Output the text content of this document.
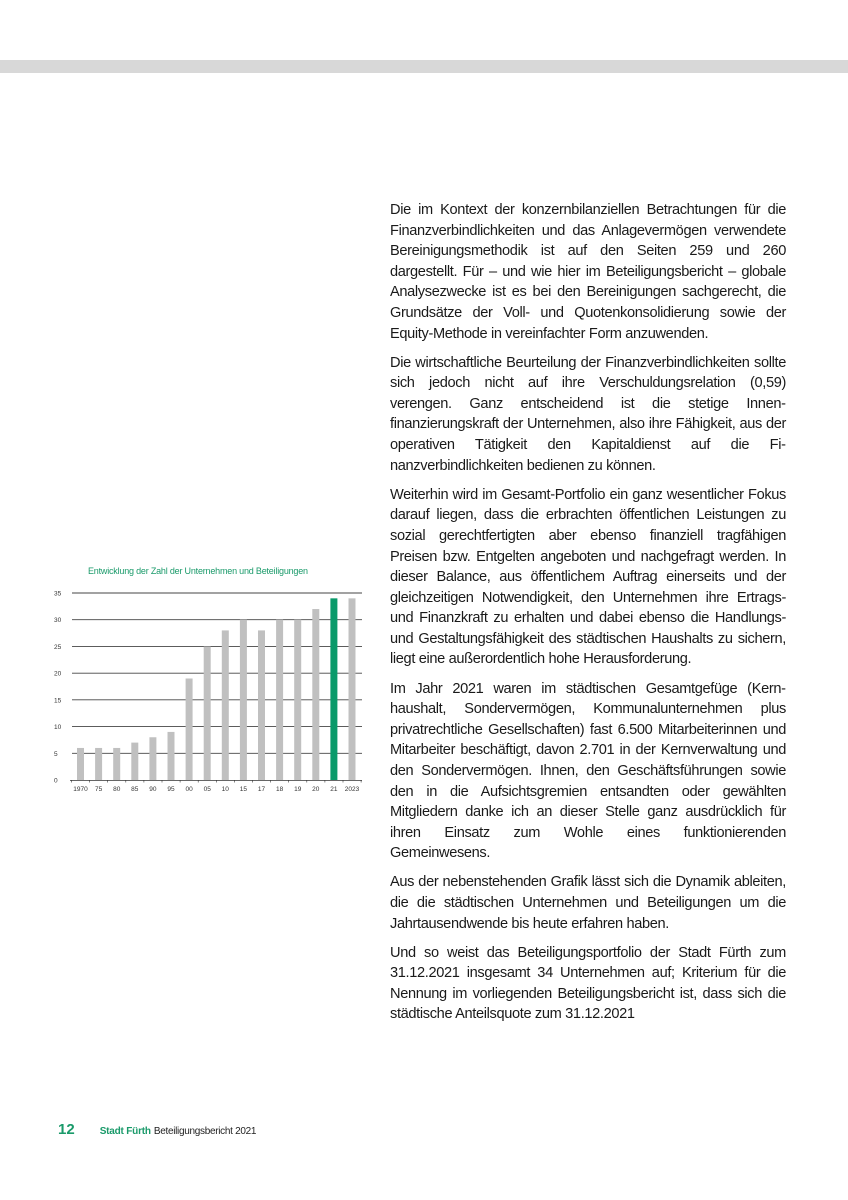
Die im Kontext der konzernbilanziellen Betrachtungen für die Finanzverbindlichkeiten und das Anlagevermögen verwendete Bereinigungsmethodik ist auf den Seiten 259 und 260 dargestellt. Für – und wie hier im Beteiligungsbericht – globale Analysezwecke ist es bei den Bereinigungen sachgerecht, die Grundsätze der Voll- und Quotenkonsolidierung sowie der Equity-Methode in vereinfachter Form anzuwenden.

Die wirtschaftliche Beurteilung der Finanzverbindlichkeiten sollte sich jedoch nicht auf ihre Verschuldungsrelation (0,59) verengen. Ganz entscheidend ist die stetige Innenfinanzierungskraft der Unternehmen, also ihre Fähigkeit, aus der operativen Tätigkeit den Kapitaldienst auf die Finanzverbindlichkeiten bedienen zu können.

Weiterhin wird im Gesamt-Portfolio ein ganz wesentlicher Fokus darauf liegen, dass die erbrachten öffentlichen Leistungen zu sozial gerechtfertigten aber ebenso finanziell tragfähigen Preisen bzw. Entgelten angeboten und nachgefragt werden. In dieser Balance, aus öffentlichem Auftrag einerseits und der gleichzeitigen Notwendigkeit, den Unternehmen ihre Ertrags- und Finanzkraft zu erhalten und dabei ebenso die Handlungs- und Gestaltungsfähigkeit des städtischen Haushalts zu sichern, liegt eine außerordentlich hohe Herausforderung.

Im Jahr 2021 waren im städtischen Gesamtgefüge (Kernhaushalt, Sondervermögen, Kommunalunternehmen plus privatrechtliche Gesellschaften) fast 6.500 Mitarbeiterinnen und Mitarbeiter beschäftigt, davon 2.701 in der Kernverwaltung und den Sondervermögen. Ihnen, den Geschäftsführungen sowie den in die Aufsichtsgremien entsandten oder gewählten Mitgliedern danke ich an dieser Stelle ganz ausdrücklich für ihren Einsatz zum Wohle eines funktionierenden Gemeinwesens.

Aus der nebenstehenden Grafik lässt sich die Dynamik ableiten, die die städtischen Unternehmen und Beteiligungen um die Jahrtausendwende bis heute erfahren haben.

Und so weist das Beteiligungsportfolio der Stadt Fürth zum 31.12.2021 insgesamt 34 Unternehmen auf; Kriterium für die Nennung im vorliegenden Beteiligungsbericht ist, dass sich die städtische Anteilsquote zum 31.12.2021

Entwicklung der Zahl der Unternehmen und Beteiligungen
0
5
10
15
20
25
30
35
1970 75 80 85 90 95 00 05 10 15 17 18 19 20 21 2023
12	Stadt Fürth Beteiligungsbericht 2021
